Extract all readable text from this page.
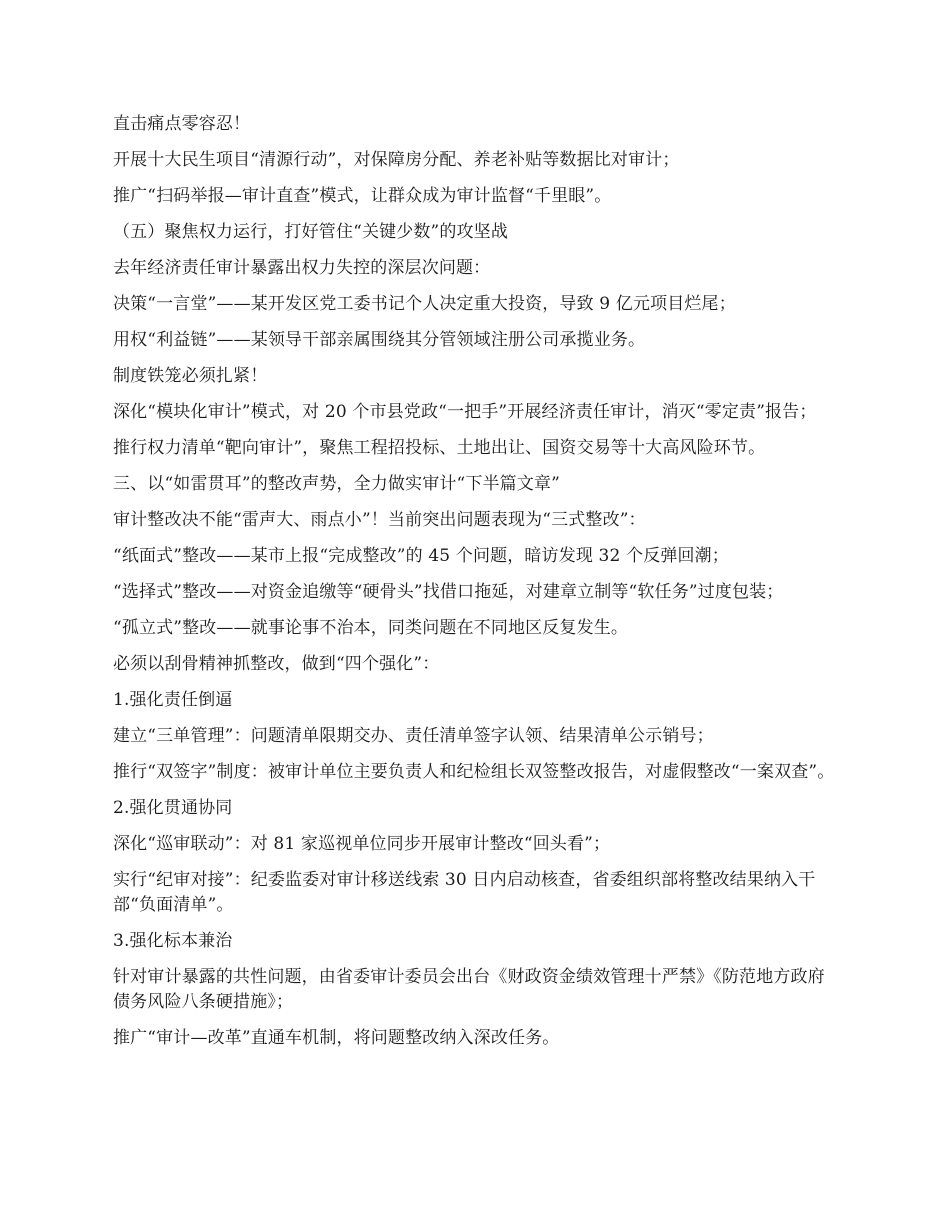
直击痛点零容忍！

开展十大民生项目“清源行动”，对保障房分配、养老补贴等数据比对审计；

推广“扫码举报—审计直查”模式，让群众成为审计监督“千里眼”。

（五）聚焦权力运行，打好管住“关键少数”的攻坚战

去年经济责任审计暴露出权力失控的深层次问题：

决策“一言堂”——某开发区党工委书记个人决定重大投资，导致 9 亿元项目烂尾；

用权“利益链”——某领导干部亲属围绕其分管领域注册公司承揽业务。

制度铁笼必须扎紧！

深化“模块化审计”模式，对 20 个市县党政“一把手”开展经济责任审计，消灭“零定责”报告；

推行权力清单“靶向审计”，聚焦工程招投标、土地出让、国资交易等十大高风险环节。

三、以“如雷贯耳”的整改声势，全力做实审计“下半篇文章”

审计整改决不能“雷声大、雨点小”！当前突出问题表现为“三式整改”：

“纸面式”整改——某市上报“完成整改”的 45 个问题，暗访发现 32 个反弹回潮；

“选择式”整改——对资金追缴等“硬骨头”找借口拖延，对建章立制等“软任务”过度包装；

“孤立式”整改——就事论事不治本，同类问题在不同地区反复发生。

必须以刮骨精神抓整改，做到“四个强化”：

1.强化责任倒逼

建立“三单管理”：问题清单限期交办、责任清单签字认领、结果清单公示销号；

推行“双签字”制度：被审计单位主要负责人和纪检组长双签整改报告，对虚假整改“一案双查”。

2.强化贯通协同

深化“巡审联动”：对 81 家巡视单位同步开展审计整改“回头看”；

实行“纪审对接”：纪委监委对审计移送线索 30 日内启动核查，省委组织部将整改结果纳入干部“负面清单”。

3.强化标本兼治

针对审计暴露的共性问题，由省委审计委员会出台《财政资金绩效管理十严禁》《防范地方政府债务风险八条硬措施》；

推广“审计—改革”直通车机制，将问题整改纳入深改任务。
